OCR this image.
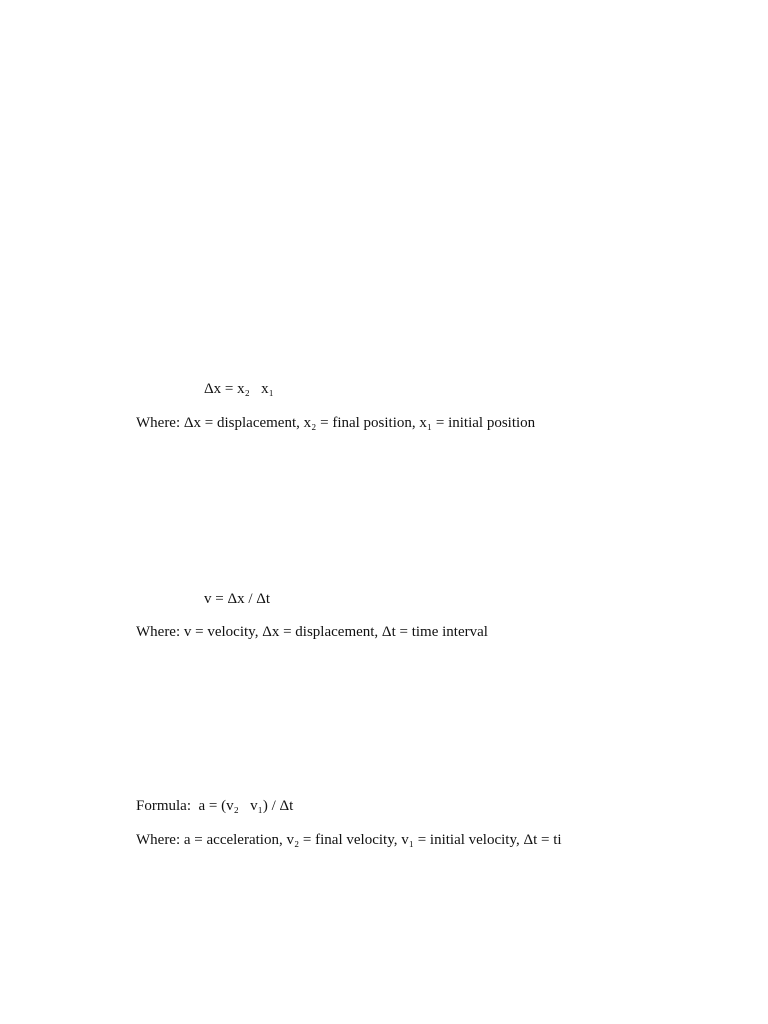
Δx = x₂   x₁
Where: Δx = displacement, x₂ = final position, x₁ = initial position
v = Δx / Δt
Where: v = velocity, Δx = displacement, Δt = time interval
Formula:  a = (v₂   v₁) / Δt
Where: a = acceleration, v₂ = final velocity, v₁ = initial velocity, Δt = ti
